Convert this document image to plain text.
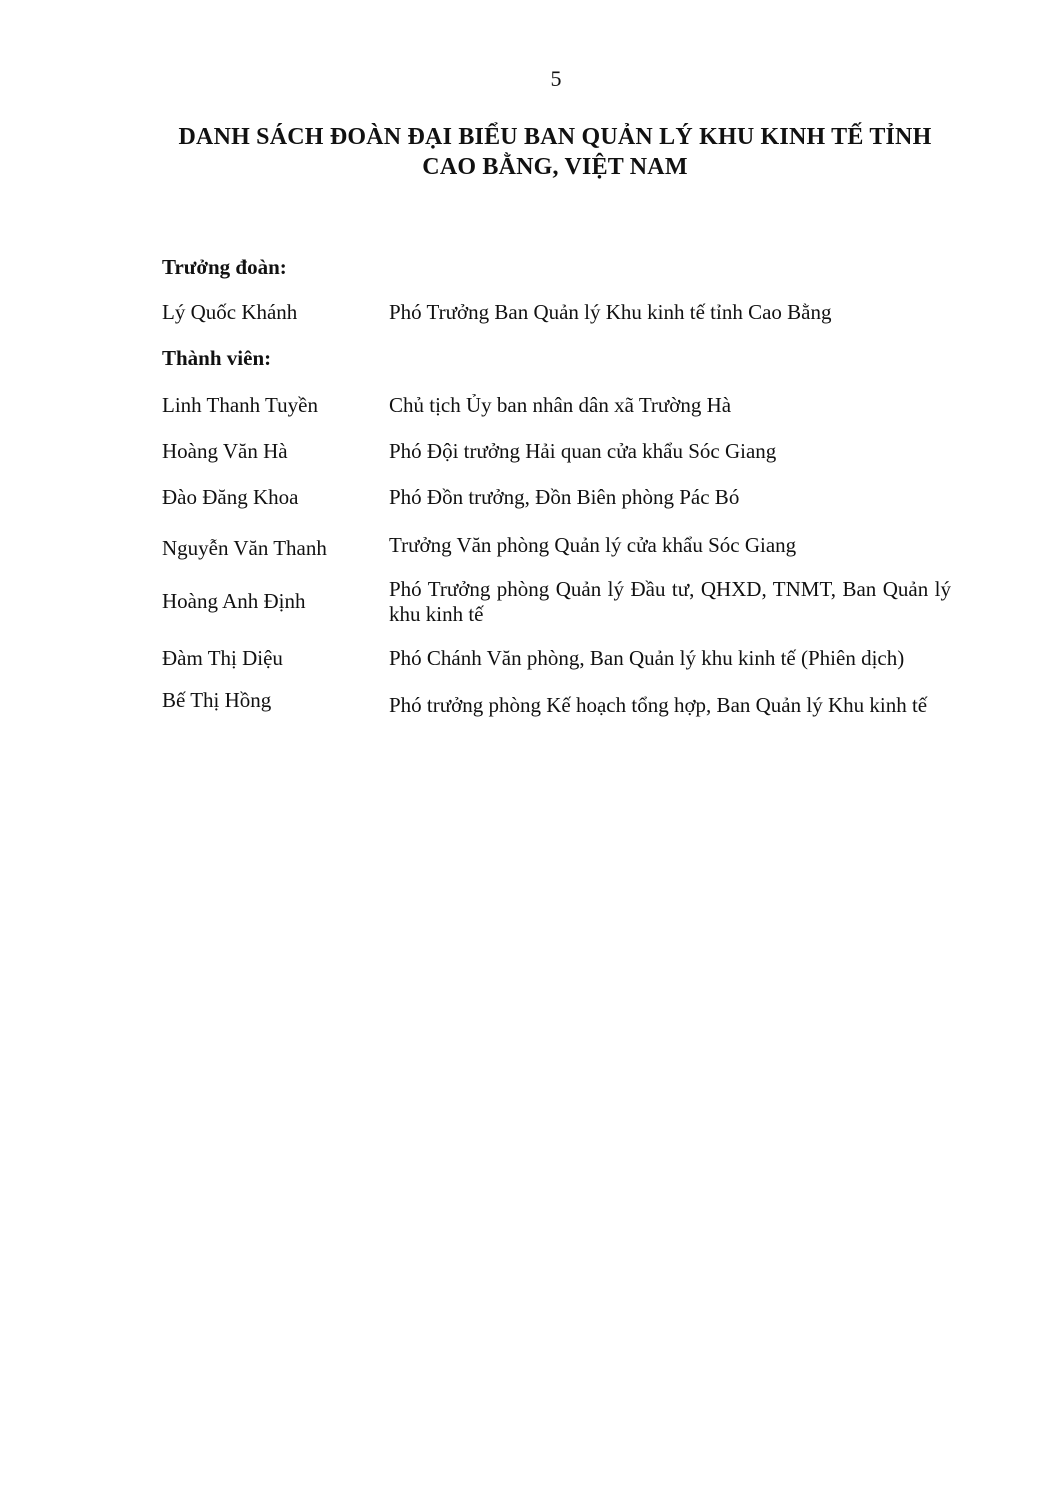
5
DANH SÁCH ĐOÀN ĐẠI BIỂU BAN QUẢN LÝ KHU KINH TẾ TỈNH
CAO BẰNG, VIỆT NAM
Trưởng đoàn:
Lý Quốc Khánh	Phó Trưởng Ban Quản lý Khu kinh tế tỉnh Cao Bằng
Thành viên:
Linh Thanh Tuyền	Chủ tịch Ủy ban nhân dân xã Trường Hà
Hoàng Văn Hà	Phó Đội trưởng Hải quan cửa khẩu Sóc Giang
Đào Đăng Khoa	Phó Đồn trưởng, Đồn Biên phòng Pác Bó
Nguyễn Văn Thanh	Trưởng Văn phòng Quản lý cửa khẩu Sóc Giang
Hoàng Anh Định	Phó Trưởng phòng Quản lý Đầu tư, QHXD, TNMT, Ban Quản lý khu kinh tế
Đàm Thị Diệu	Phó Chánh Văn phòng, Ban Quản lý khu kinh tế (Phiên dịch)
Bế Thị Hồng	Phó trưởng phòng Kế hoạch tổng hợp, Ban Quản lý Khu kinh tế
